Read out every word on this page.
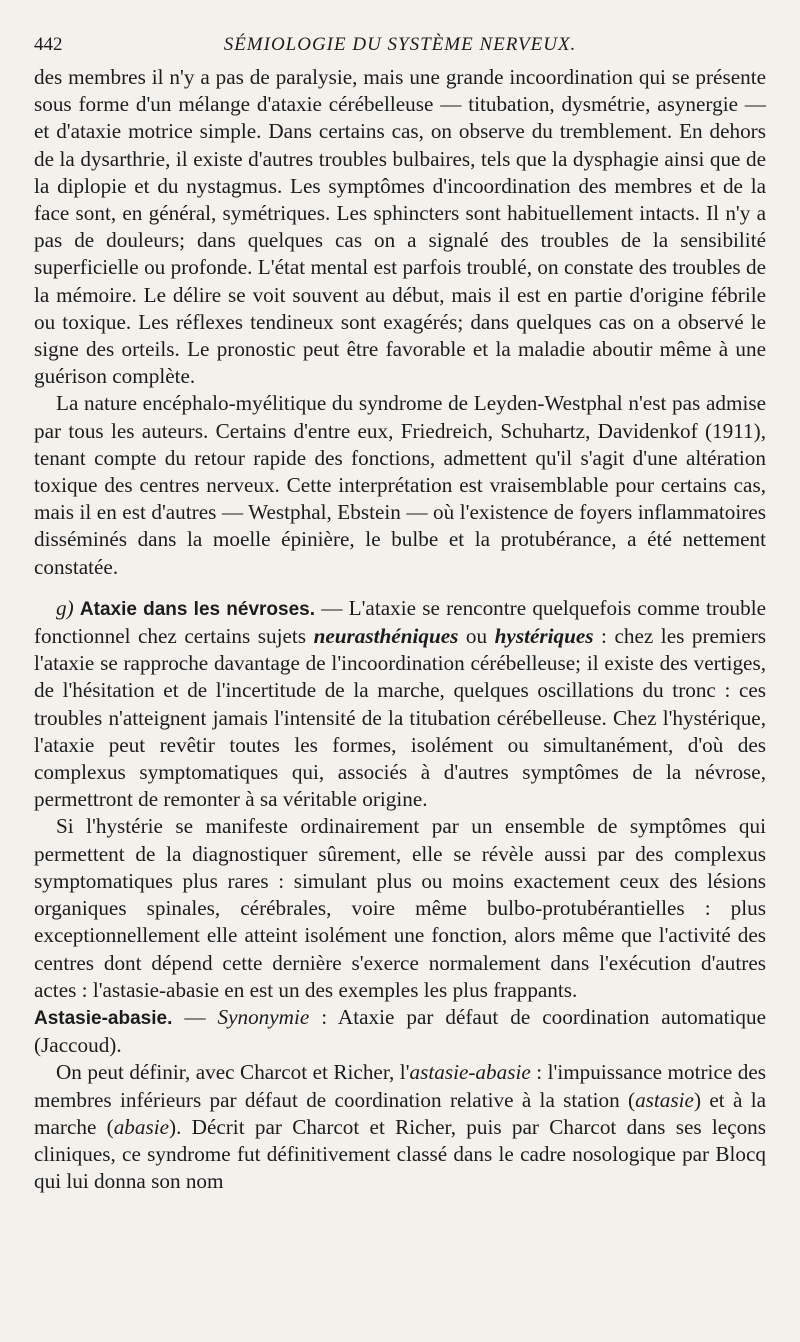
442	SÉMIOLOGIE DU SYSTÈME NERVEUX.

des membres il n'y a pas de paralysie, mais une grande incoordination qui se présente sous forme d'un mélange d'ataxie cérébelleuse — titubation, dysmétrie, asynergie — et d'ataxie motrice simple. Dans certains cas, on observe du tremblement. En dehors de la dysarthrie, il existe d'autres troubles bulbaires, tels que la dysphagie ainsi que de la diplopie et du nystagmus. Les symptômes d'incoordination des membres et de la face sont, en général, symétriques. Les sphincters sont habituellement intacts. Il n'y a pas de douleurs; dans quelques cas on a signalé des troubles de la sensibilité superficielle ou profonde. L'état mental est parfois troublé, on constate des troubles de la mémoire. Le délire se voit souvent au début, mais il est en partie d'origine fébrile ou toxique. Les réflexes tendineux sont exagérés; dans quelques cas on a observé le signe des orteils. Le pronostic peut être favorable et la maladie aboutir même à une guérison complète.

La nature encéphalo-myélitique du syndrome de Leyden-Westphal n'est pas admise par tous les auteurs. Certains d'entre eux, Friedreich, Schuhartz, Davidenkof (1911), tenant compte du retour rapide des fonctions, admettent qu'il s'agit d'une altération toxique des centres nerveux. Cette interprétation est vraisemblable pour certains cas, mais il en est d'autres — Westphal, Ebstein — où l'existence de foyers inflammatoires disséminés dans la moelle épinière, le bulbe et la protubérance, a été nettement constatée.

g) Ataxie dans les névroses. — L'ataxie se rencontre quelquefois comme trouble fonctionnel chez certains sujets neurasthéniques ou hystériques : chez les premiers l'ataxie se rapproche davantage de l'incoordination cérébelleuse; il existe des vertiges, de l'hésitation et de l'incertitude de la marche, quelques oscillations du tronc : ces troubles n'atteignent jamais l'intensité de la titubation cérébelleuse. Chez l'hystérique, l'ataxie peut revêtir toutes les formes, isolément ou simultanément, d'où des complexus symptomatiques qui, associés à d'autres symptômes de la névrose, permettront de remonter à sa véritable origine.

Si l'hystérie se manifeste ordinairement par un ensemble de symptômes qui permettent de la diagnostiquer sûrement, elle se révèle aussi par des complexus symptomatiques plus rares : simulant plus ou moins exactement ceux des lésions organiques spinales, cérébrales, voire même bulbo-protubérantielles : plus exceptionnellement elle atteint isolément une fonction, alors même que l'activité des centres dont dépend cette dernière s'exerce normalement dans l'exécution d'autres actes : l'astasie-abasie en est un des exemples les plus frappants.

Astasie-abasie. — Synonymie : Ataxie par défaut de coordination automatique (Jaccoud).

On peut définir, avec Charcot et Richer, l'astasie-abasie : l'impuissance motrice des membres inférieurs par défaut de coordination relative à la station (astasie) et à la marche (abasie). Décrit par Charcot et Richer, puis par Charcot dans ses leçons cliniques, ce syndrome fut définitivement classé dans le cadre nosologique par Blocq qui lui donna son nom
